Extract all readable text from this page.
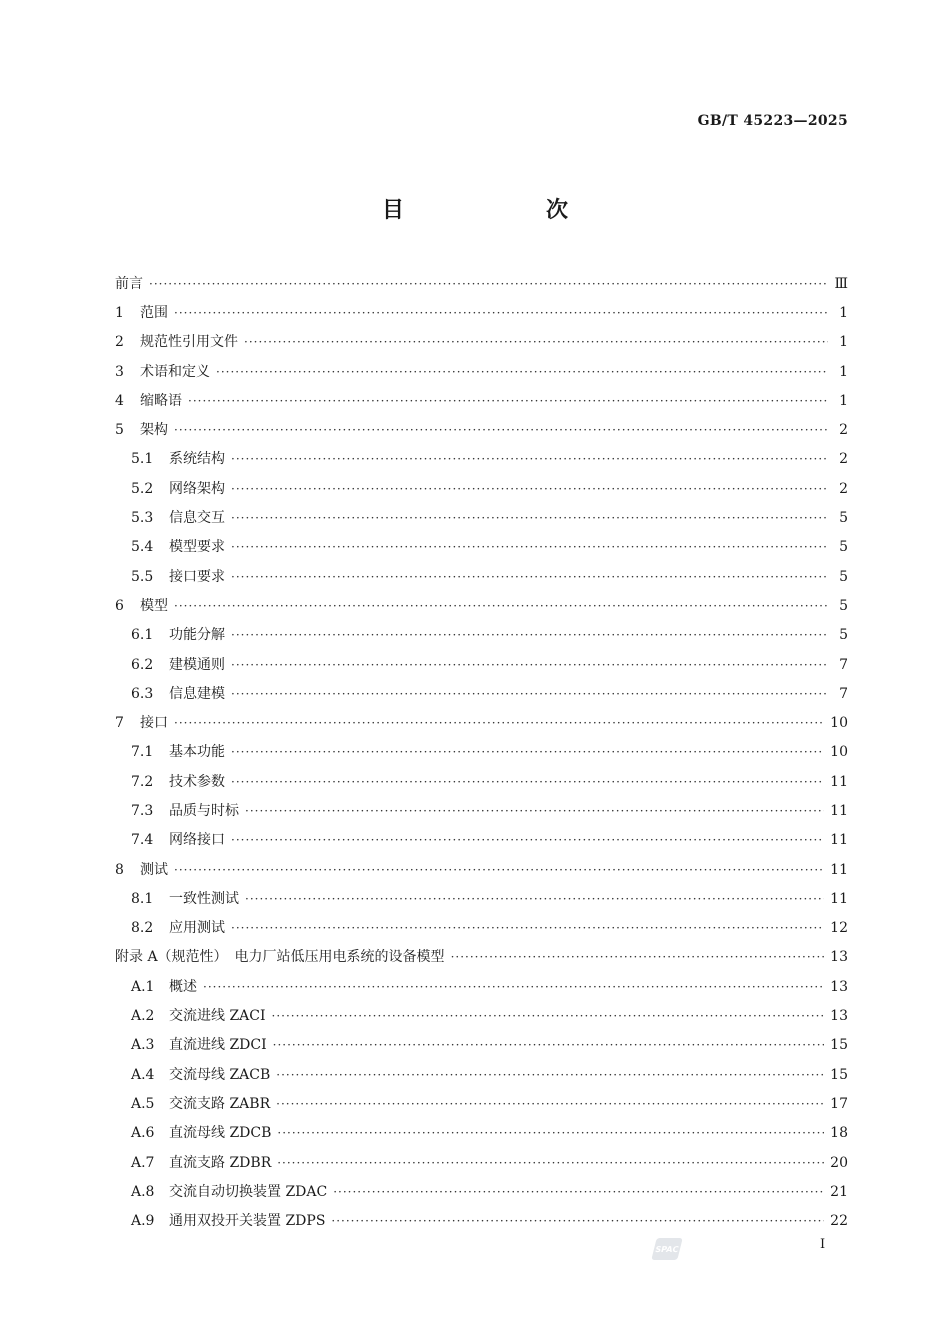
GB/T 45223—2025
目　次
前言 ·····	Ⅲ
1	范围 ·····	1
2	规范性引用文件 ·····	1
3	术语和定义 ·····	1
4	缩略语 ·····	1
5	架构 ·····	2
5.1	系统结构 ·····	2
5.2	网络架构 ·····	2
5.3	信息交互 ·····	5
5.4	模型要求 ·····	5
5.5	接口要求 ·····	5
6	模型 ·····	5
6.1	功能分解 ·····	5
6.2	建模通则 ·····	7
6.3	信息建模 ·····	7
7	接口 ·····	10
7.1	基本功能 ·····	10
7.2	技术参数 ·····	11
7.3	品质与时标 ·····	11
7.4	网络接口 ·····	11
8	测试 ·····	11
8.1	一致性测试 ·····	11
8.2	应用测试 ·····	12
附录 A（规范性）　电力厂站低压用电系统的设备模型 ·····	13
A.1	概述 ·····	13
A.2	交流进线 ZACI ·····	13
A.3	直流进线 ZDCI ·····	15
A.4	交流母线 ZACB ·····	15
A.5	交流支路 ZABR ·····	17
A.6	直流母线 ZDCB ·····	18
A.7	直流支路 ZDBR ·····	20
A.8	交流自动切换装置 ZDAC ·····	21
A.9	通用双投开关装置 ZDPS ·····	22
SPAC	I
